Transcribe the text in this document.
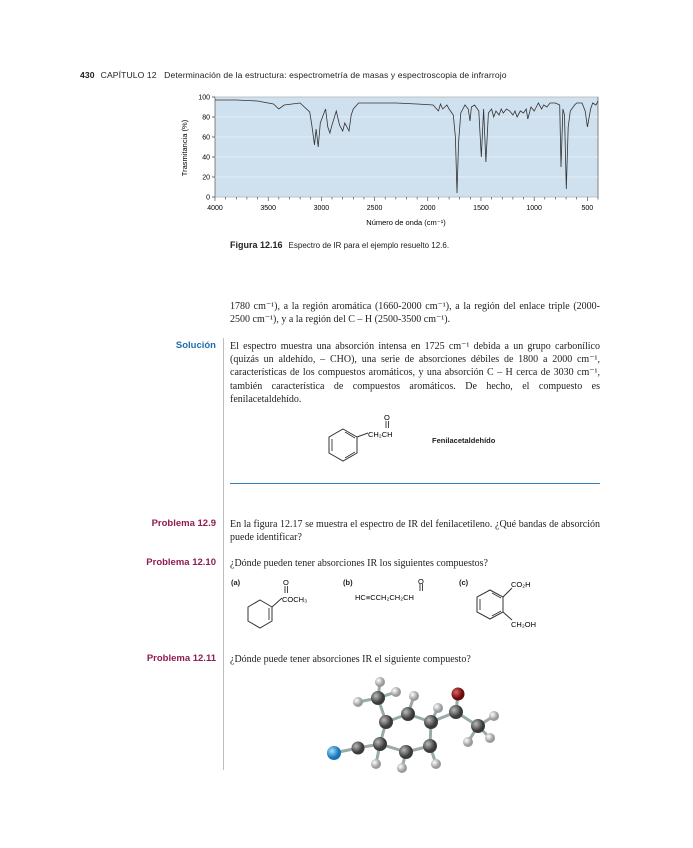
430 CAPÍTULO 12 Determinación de la estructura: espectrometría de masas y espectroscopia de infrarrojo
0
20
40
60
80
100
4000	3500	3000	2500	2000	1500	1000	500
Trasmitancia (%)
Número de onda (cm⁻¹)
Figura 12.16 Espectro de IR para el ejemplo resuelto 12.6.
1780 cm⁻¹), a la región aromática (1660-2000 cm⁻¹), a la región del enlace triple (2000-2500 cm⁻¹), y a la región del C – H (2500-3500 cm⁻¹).
Solución El espectro muestra una absorción intensa en 1725 cm⁻¹ debida a un grupo carbonílico (quizás un aldehído, – CHO), una serie de absorciones débiles de 1800 a 2000 cm⁻¹, características de los compuestos aromáticos, y una absorción C – H cerca de 3030 cm⁻¹, también característica de compuestos aromáticos. De hecho, el compuesto es fenilacetaldehído.
O
CH₂CH
Fenilacetaldehído
Problema 12.9 En la figura 12.17 se muestra el espectro de IR del fenilacetileno. ¿Qué bandas de absorción puede identificar?
Problema 12.10 ¿Dónde pueden tener absorciones IR los siguientes compuestos?
(a)	O
COCH₃
(b)	O
HC≡CCH₂CH₂CH
(c)	CO₂H
CH₂OH
Problema 12.11 ¿Dónde puede tener absorciones IR el siguiente compuesto?
